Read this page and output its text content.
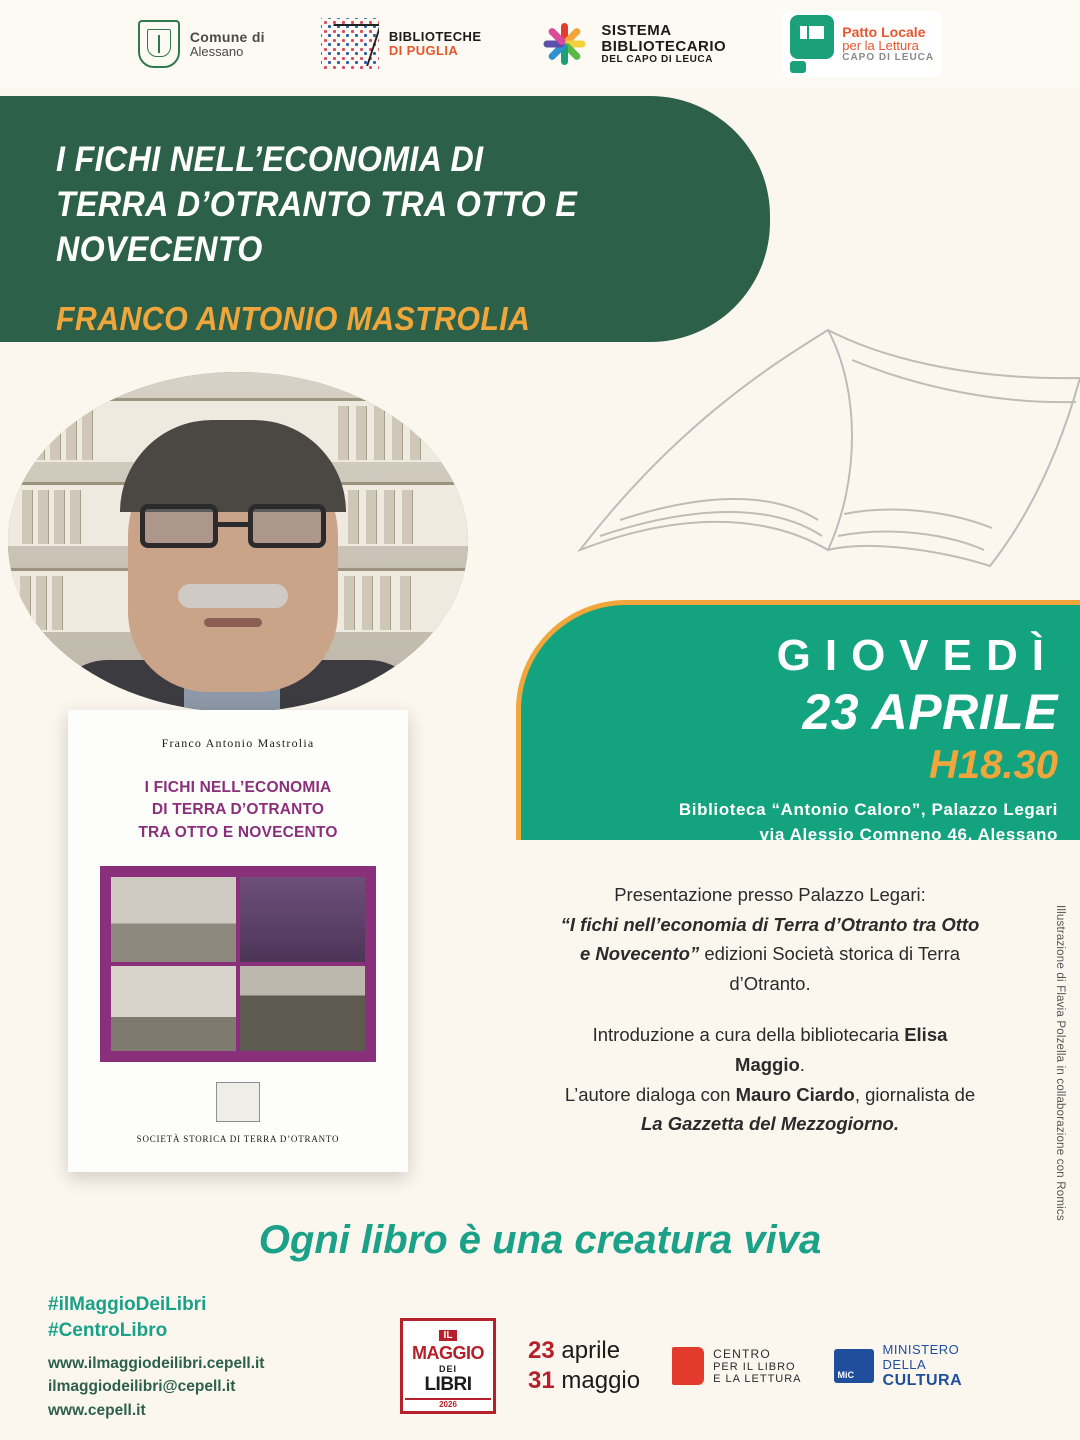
Comune di
Alessano
BIBLIOTECHE
DI PUGLIA
SISTEMA
BIBLIOTECARIO
DEL CAPO DI LEUCA
Patto Locale
per la Lettura
CAPO DI LEUCA
I FICHI NELL’ECONOMIA DI
TERRA D’OTRANTO TRA OTTO E NOVECENTO
FRANCO ANTONIO MASTROLIA
Franco Antonio Mastrolia
I FICHI NELL’ECONOMIA
DI TERRA D’OTRANTO
TRA OTTO E NOVECENTO
SOCIETÀ STORICA DI TERRA D’OTRANTO
GIOVEDÌ
23 APRILE
H18.30
Biblioteca “Antonio Caloro”, Palazzo Legari
via Alessio Comneno 46, Alessano

Presentazione presso Palazzo Legari:
“I fichi nell’economia di Terra d’Otranto tra Otto e Novecento” edizioni Società storica di Terra d’Otranto.

Introduzione a cura della bibliotecaria Elisa Maggio.
L’autore dialoga con Mauro Ciardo, giornalista de La Gazzetta del Mezzogiorno.	Illustrazione di Flavia Polzella in collaborazione con Romics
Ogni libro è una creatura viva
#ilMaggioDeiLibri
#CentroLibro
www.ilmaggiodeilibri.cepell.it
ilmaggiodeilibri@cepell.it
www.cepell.it
IL
MAGGIO
DEI
LIBRI
2026
23 aprile
31 maggio
CENTRO
PER IL LIBRO
E LA LETTURA	MiC
MINISTERO
DELLA
CULTURA
